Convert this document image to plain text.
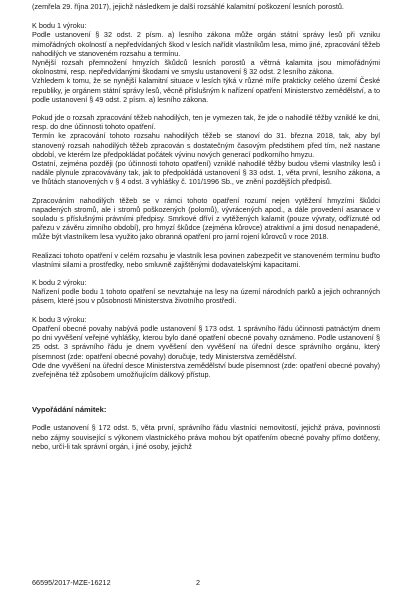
(zemřela 29. října 2017), jejichž následkem je další rozsáhlé kalamitní poškození lesních porostů.

K bodu 1 výroku:

Podle ustanovení § 32 odst. 2 písm. a) lesního zákona může orgán státní správy lesů při vzniku mimořádných okolností a nepředvídaných škod v lesích nařídit vlastníkům lesa, mimo jiné, zpracování těžeb nahodilých ve stanoveném rozsahu a termínu.

Nynější rozsah přemnožení hmyzích škůdců lesních porostů a větrná kalamita jsou mimořádnými okolnostmi, resp. nepředvídanými škodami ve smyslu ustanovení § 32 odst. 2 lesního zákona.

Vzhledem k tomu, že se nynější kalamitní situace v lesích týká v různé míře prakticky celého území České republiky, je orgánem státní správy lesů, věcně příslušným k nařízení opatření Ministerstvo zemědělství, a to podle ustanovení § 49 odst. 2 písm. a) lesního zákona.

Pokud jde o rozsah zpracování těžeb nahodilých, ten je vymezen tak, že jde o nahodilé těžby vzniklé ke dni, resp. do dne účinnosti tohoto opatření.

Termín ke zpracování tohoto rozsahu nahodilých těžeb se stanoví do 31. března 2018, tak, aby byl stanovený rozsah nahodilých těžeb zpracován s dostatečným časovým předstihem před tím, než nastane období, ve kterém lze předpokládat počátek vývinu nových generací podkorního hmyzu.

Ostatní, zejména později (po účinnosti tohoto opatření) vzniklé nahodilé těžby budou všemi vlastníky lesů i nadále plynule zpracovávány tak, jak to předpokládá ustanovení § 33 odst. 1, věta první, lesního zákona, a ve lhůtách stanovených v § 4 odst. 3 vyhlášky č. 101/1996 Sb., ve znění pozdějších předpisů.

Zpracováním nahodilých těžeb se v rámci tohoto opatření rozumí nejen vytěžení hmyzími škůdci napadených stromů, ale i stromů poškozených (polomů), vývrácených apod., a dále provedení asanace v souladu s příslušnými právními předpisy. Smrkové dříví z vytěžených kalamit (pouze vývraty, odříznuté od pařezu v závěru zimního období), pro hmyzí škůdce (zejména kůrovce) atraktivní a jimi dosud nenapadené, může být vlastníkem lesa využito jako obranná opatření pro jarní rojení kůrovců v roce 2018.

Realizaci tohoto opatření v celém rozsahu je vlastník lesa povinen zabezpečit ve stanoveném termínu buďto vlastními silami a prostředky, nebo smluvně zajištěnými dodavatelskými kapacitami.

K bodu 2 výroku:

Nařízení podle bodu 1 tohoto opatření se nevztahuje na lesy na území národních parků a jejich ochranných pásem, které jsou v působnosti Ministerstva životního prostředí.

K bodu 3 výroku:

Opatření obecné povahy nabývá podle ustanovení § 173 odst. 1 správního řádu účinnosti patnáctým dnem po dni vyvěšení veřejné vyhlášky, kterou bylo dané opatření obecné povahy oznámeno. Podle ustanovení § 25 odst. 3 správního řádu je dnem vyvěšení den vyvěšení na úřední desce správního orgánu, který písemnost (zde: opatření obecné povahy) doručuje, tedy Ministerstva zemědělství.

Ode dne vyvěšení na úřední desce Ministerstva zemědělství bude písemnost (zde: opatření obecné povahy) zveřejněna též způsobem umožňujícím dálkový přístup.

Vypořádání námitek:

Podle ustanovení § 172 odst. 5, věta první, správního řádu vlastníci nemovitostí, jejichž práva, povinnosti nebo zájmy související s výkonem vlastnického práva mohou být opatřením obecné povahy přímo dotčeny, nebo, určí-li tak správní orgán, i jiné osoby, jejichž

66595/2017-MZE-16212	2
